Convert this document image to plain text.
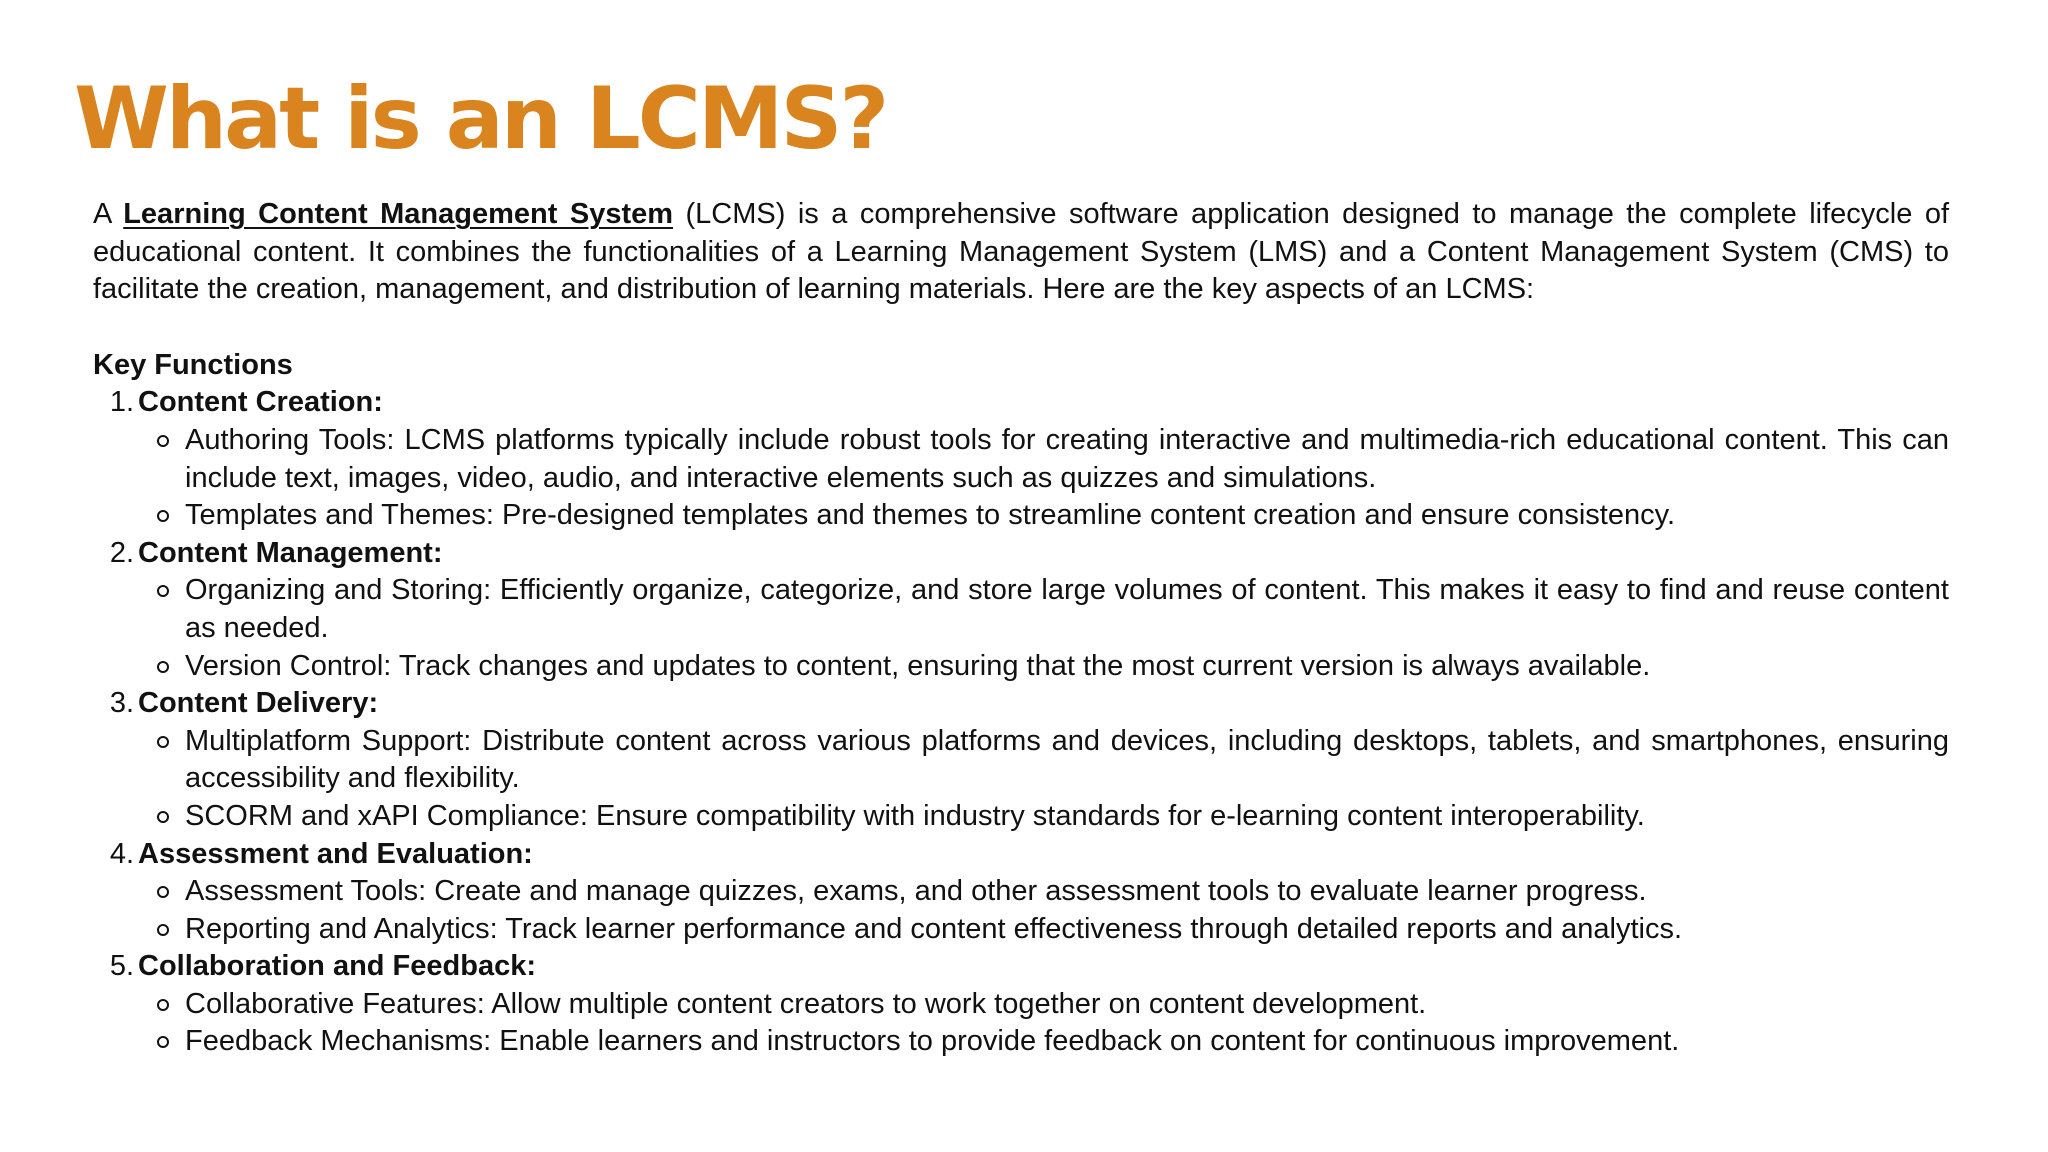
What is an LCMS?

A Learning Content Management System (LCMS) is a comprehensive software application designed to manage the complete lifecycle of educational content. It combines the functionalities of a Learning Management System (LMS) and a Content Management System (CMS) to facilitate the creation, management, and distribution of learning materials. Here are the key aspects of an LCMS:

Key Functions
1. Content Creation:
Authoring Tools: LCMS platforms typically include robust tools for creating interactive and multimedia-rich educational content. This can include text, images, video, audio, and interactive elements such as quizzes and simulations.
Templates and Themes: Pre-designed templates and themes to streamline content creation and ensure consistency.
2. Content Management:
Organizing and Storing: Efficiently organize, categorize, and store large volumes of content. This makes it easy to find and reuse content as needed.
Version Control: Track changes and updates to content, ensuring that the most current version is always available.
3. Content Delivery:
Multiplatform Support: Distribute content across various platforms and devices, including desktops, tablets, and smartphones, ensuring accessibility and flexibility.
SCORM and xAPI Compliance: Ensure compatibility with industry standards for e-learning content interoperability.
4. Assessment and Evaluation:
Assessment Tools: Create and manage quizzes, exams, and other assessment tools to evaluate learner progress.
Reporting and Analytics: Track learner performance and content effectiveness through detailed reports and analytics.
5. Collaboration and Feedback:
Collaborative Features: Allow multiple content creators to work together on content development.
Feedback Mechanisms: Enable learners and instructors to provide feedback on content for continuous improvement.
